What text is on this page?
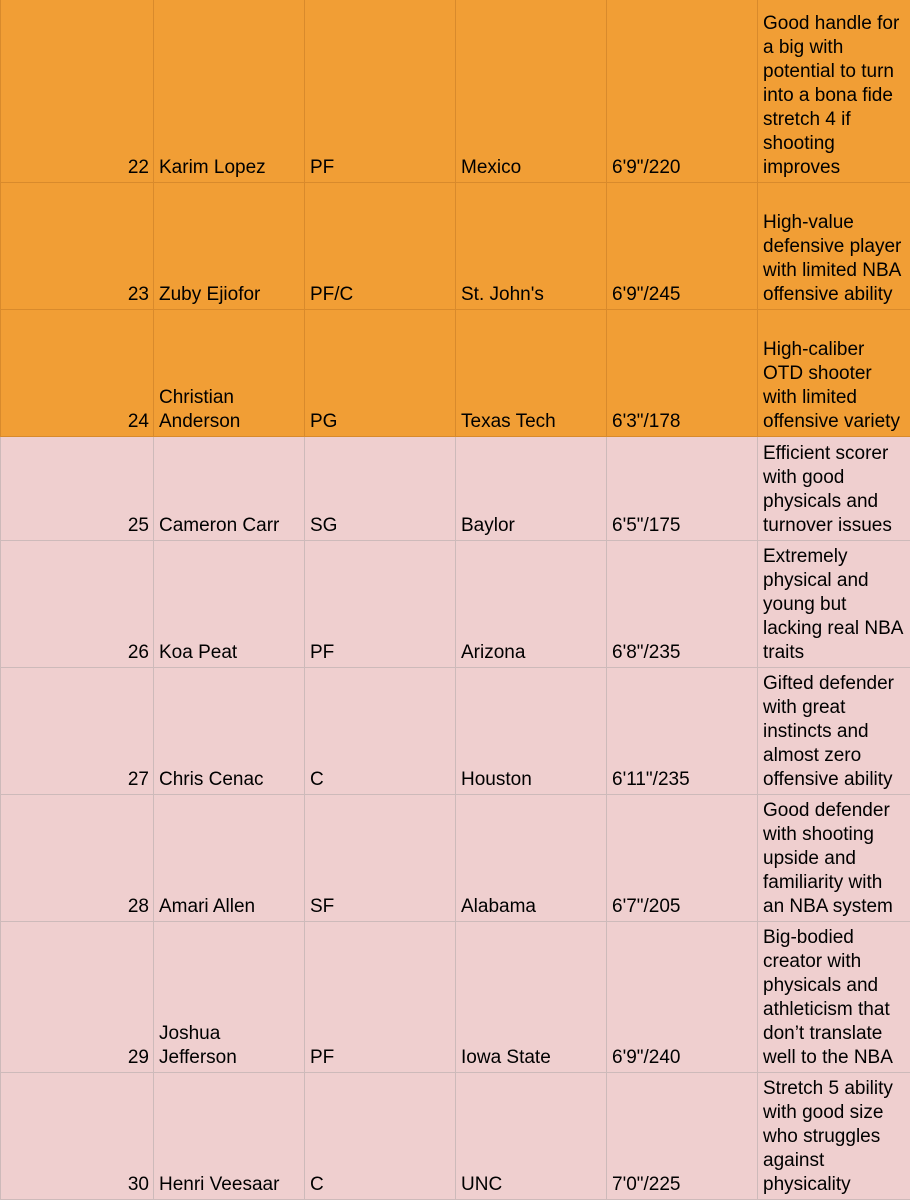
22	Karim Lopez	PF	Mexico	6'9"/220	Good handle for a big with potential to turn into a bona fide stretch 4 if shooting improves
23	Zuby Ejiofor	PF/C	St. John's	6'9"/245	High-value defensive player with limited NBA offensive ability
24	Christian Anderson	PG	Texas Tech	6'3"/178	High-caliber OTD shooter with limited offensive variety
25	Cameron Carr	SG	Baylor	6'5"/175	Efficient scorer with good physicals and turnover issues
26	Koa Peat	PF	Arizona	6'8"/235	Extremely physical and young but lacking real NBA traits
27	Chris Cenac	C	Houston	6'11"/235	Gifted defender with great instincts and almost zero offensive ability
28	Amari Allen	SF	Alabama	6'7"/205	Good defender with shooting upside and familiarity with an NBA system
29	Joshua Jefferson	PF	Iowa State	6'9"/240	Big-bodied creator with physicals and athleticism that don’t translate well to the NBA
30	Henri Veesaar	C	UNC	7'0"/225	Stretch 5 ability with good size who struggles against physicality
